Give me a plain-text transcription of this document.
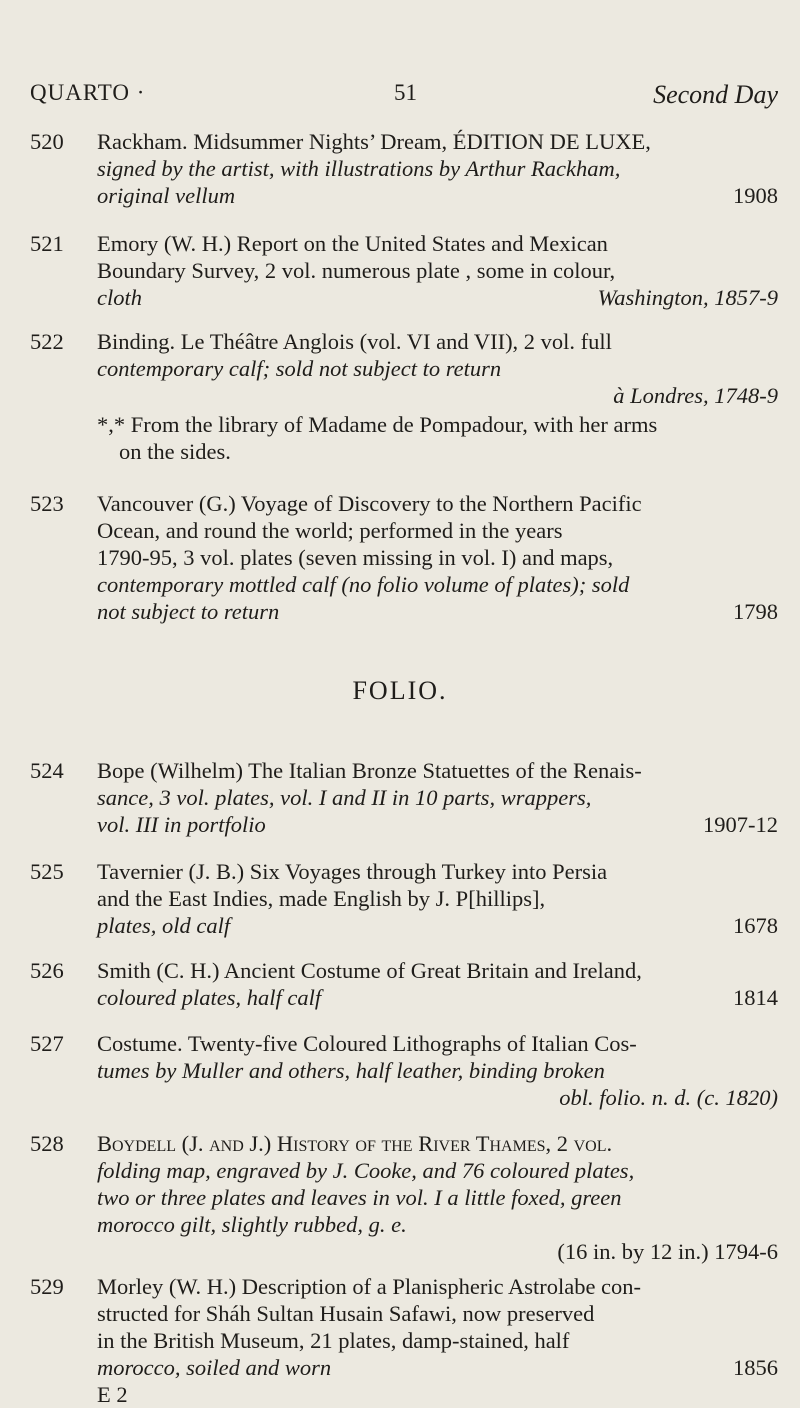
QUARTO ·	51	Second Day
520	Rackham. Midsummer Nights’ Dream, ÉDITION DE LUXE,
signed by the artist, with illustrations by Arthur Rackham,
original vellum	1908
521	Emory (W. H.) Report on the United States and Mexican
Boundary Survey, 2 vol. numerous plate , some in colour,
cloth	Washington, 1857-9
522	Binding. Le Théâtre Anglois (vol. VI and VII), 2 vol. full
contemporary calf; sold not subject to return
à Londres, 1748-9

*,* From the library of Madame de Pompadour, with her arms
on the sides.
523	Vancouver (G.) Voyage of Discovery to the Northern Pacific
Ocean, and round the world; performed in the years
1790-95, 3 vol. plates (seven missing in vol. I) and maps,
contemporary mottled calf (no folio volume of plates); sold
not subject to return	1798
FOLIO.
524	Bope (Wilhelm) The Italian Bronze Statuettes of the Renais-
sance, 3 vol. plates, vol. I and II in 10 parts, wrappers,
vol. III in portfolio	1907-12
525	Tavernier (J. B.) Six Voyages through Turkey into Persia
and the East Indies, made English by J. P[hillips],
plates, old calf	1678
526	Smith (C. H.) Ancient Costume of Great Britain and Ireland,
coloured plates, half calf	1814
527	Costume. Twenty-five Coloured Lithographs of Italian Cos-
tumes by Muller and others, half leather, binding broken
obl. folio. n. d. (c. 1820)
528	Boydell (J. and J.) History of the River Thames, 2 vol.
folding map, engraved by J. Cooke, and 76 coloured plates,
two or three plates and leaves in vol. I a little foxed, green
morocco gilt, slightly rubbed, g. e.
(16 in. by 12 in.) 1794-6
529	Morley (W. H.) Description of a Planispheric Astrolabe con-
structed for Sháh Sultan Husain Safawi, now preserved
in the British Museum, 21 plates, damp-stained, half
morocco, soiled and worn	1856
E 2
